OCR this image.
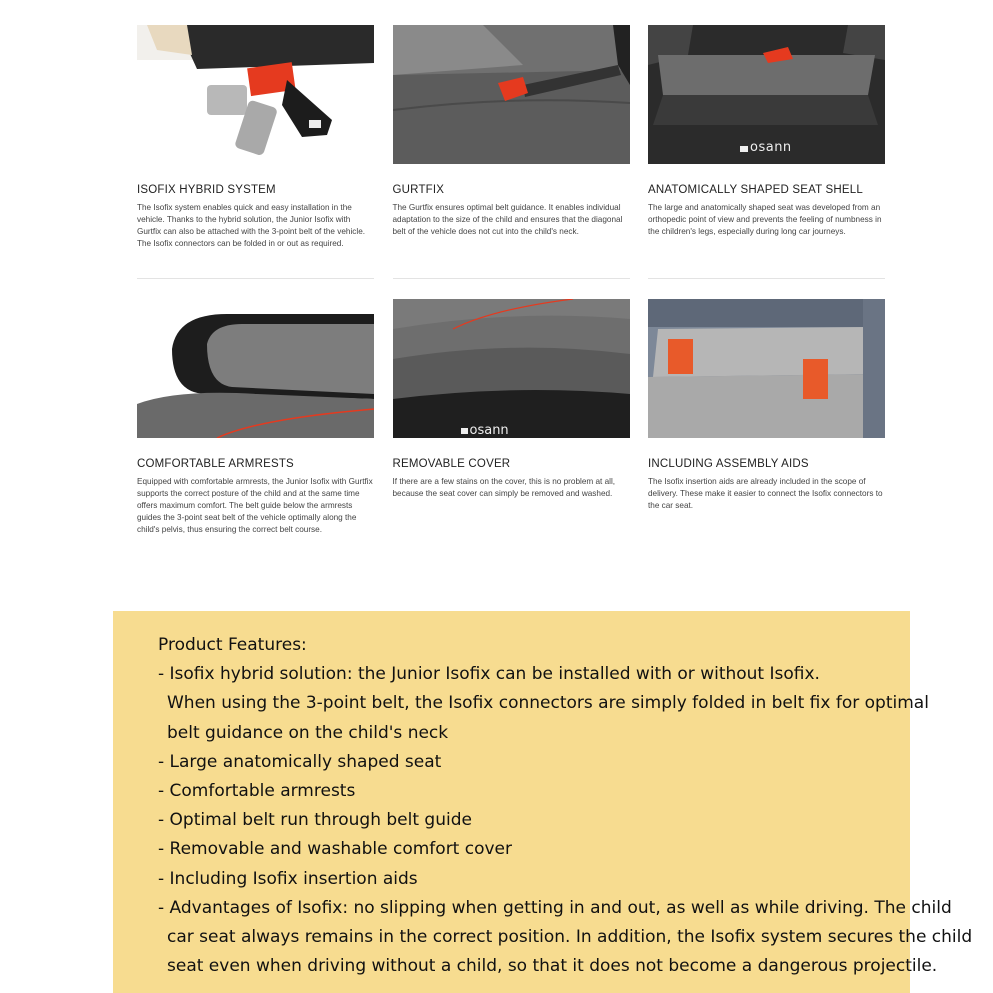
ISOFIX HYBRID SYSTEM

The Isofix system enables quick and easy installation in the vehicle. Thanks to the hybrid solution, the Junior Isofix with Gurtfix can also be attached with the 3-point belt of the vehicle. The Isofix connectors can be folded in or out as required.

GURTFIX

The Gurtfix ensures optimal belt guidance. It enables individual adaptation to the size of the child and ensures that the diagonal belt of the vehicle does not cut into the child's neck.

osann
ANATOMICALLY SHAPED SEAT SHELL

The large and anatomically shaped seat was developed from an orthopedic point of view and prevents the feeling of numbness in the children's legs, especially during long car journeys.

COMFORTABLE ARMRESTS

Equipped with comfortable armrests, the Junior Isofix with Gurtfix supports the correct posture of the child and at the same time offers maximum comfort. The belt guide below the armrests guides the 3-point seat belt of the vehicle optimally along the child's pelvis, thus ensuring the correct belt course.

osann
REMOVABLE COVER

If there are a few stains on the cover, this is no problem at all, because the seat cover can simply be removed and washed.

INCLUDING ASSEMBLY AIDS

The Isofix insertion aids are already included in the scope of delivery. These make it easier to connect the Isofix connectors to the car seat.

Product Features:
- Isofix hybrid solution: the Junior Isofix can be installed with or without Isofix.
When using the 3-point belt, the Isofix connectors are simply folded in belt fix for optimal
belt guidance on the child's neck
- Large anatomically shaped seat
- Comfortable armrests
- Optimal belt run through belt guide
- Removable and washable comfort cover
- Including Isofix insertion aids
- Advantages of Isofix: no slipping when getting in and out, as well as while driving. The child
car seat always remains in the correct position. In addition, the Isofix system secures the child
seat even when driving without a child, so that it does not become a dangerous projectile.
